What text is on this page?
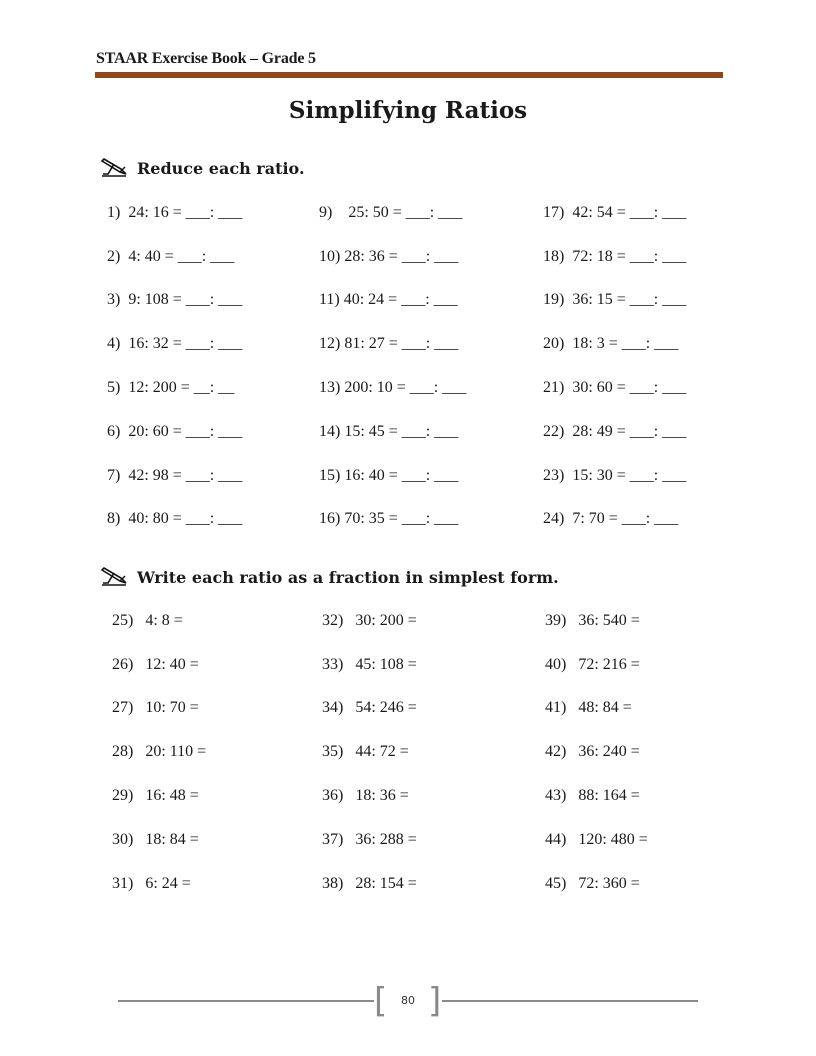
STAAR Exercise Book – Grade 5
Simplifying Ratios
Reduce each ratio.
1)  24: 16 = ___: ___
2)  4: 40 = ___: ___
3)  9: 108 = ___: ___
4)  16: 32 = ___: ___
5)  12: 200 = __: __
6)  20: 60 = ___: ___
7)  42: 98 = ___: ___
8)  40: 80 = ___: ___
9)    25: 50 = ___: ___
10) 28: 36 = ___: ___
11) 40: 24 = ___: ___
12) 81: 27 = ___: ___
13) 200: 10 = ___: ___
14) 15: 45 = ___: ___
15) 16: 40 = ___: ___
16) 70: 35 = ___: ___
17)  42: 54 = ___: ___
18)  72: 18 = ___: ___
19)  36: 15 = ___: ___
20)  18: 3 = ___: ___
21)  30: 60 = ___: ___
22)  28: 49 = ___: ___
23)  15: 30 = ___: ___
24)  7: 70 = ___: ___
Write each ratio as a fraction in simplest form.
25)   4: 8 =
26)   12: 40 =
27)   10: 70 =
28)   20: 110 =
29)   16: 48 =
30)   18: 84 =
31)   6: 24 =
32)   30: 200 =
33)   45: 108 =
34)   54: 246 =
35)   44: 72 =
36)   18: 36 =
37)   36: 288 =
38)   28: 154 =
39)   36: 540 =
40)   72: 216 =
41)   48: 84 =
42)   36: 240 =
43)   88: 164 =
44)   120: 480 =
45)   72: 360 =
[	80 ]
